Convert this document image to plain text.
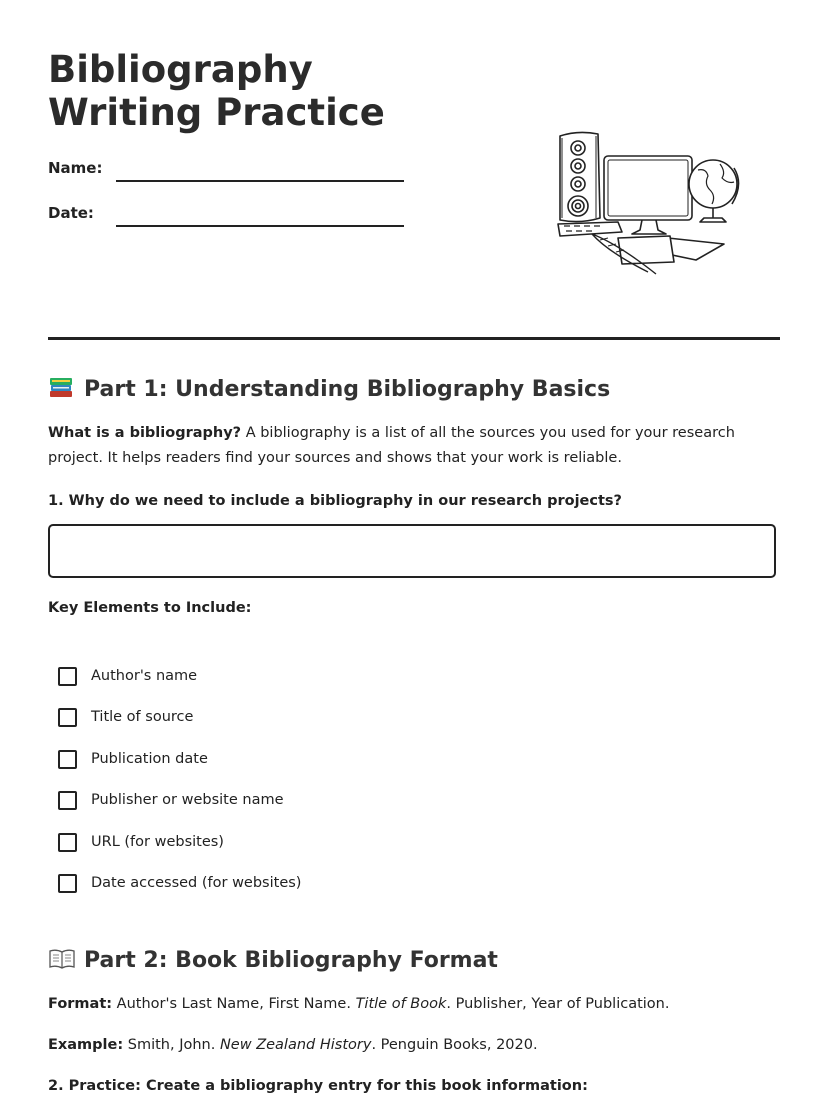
Bibliography Writing Practice
Name:
Date:
Part 1: Understanding Bibliography Basics

What is a bibliography? A bibliography is a list of all the sources you used for your research project. It helps readers find your sources and shows that your work is reliable.

1. Why do we need to include a bibliography in our research projects?

Key Elements to Include:

Author's name
Title of source
Publication date
Publisher or website name
URL (for websites)
Date accessed (for websites)
Part 2: Book Bibliography Format

Format: Author's Last Name, First Name. Title of Book. Publisher, Year of Publication.

Example: Smith, John. New Zealand History. Penguin Books, 2020.

2. Practice: Create a bibliography entry for this book information:
